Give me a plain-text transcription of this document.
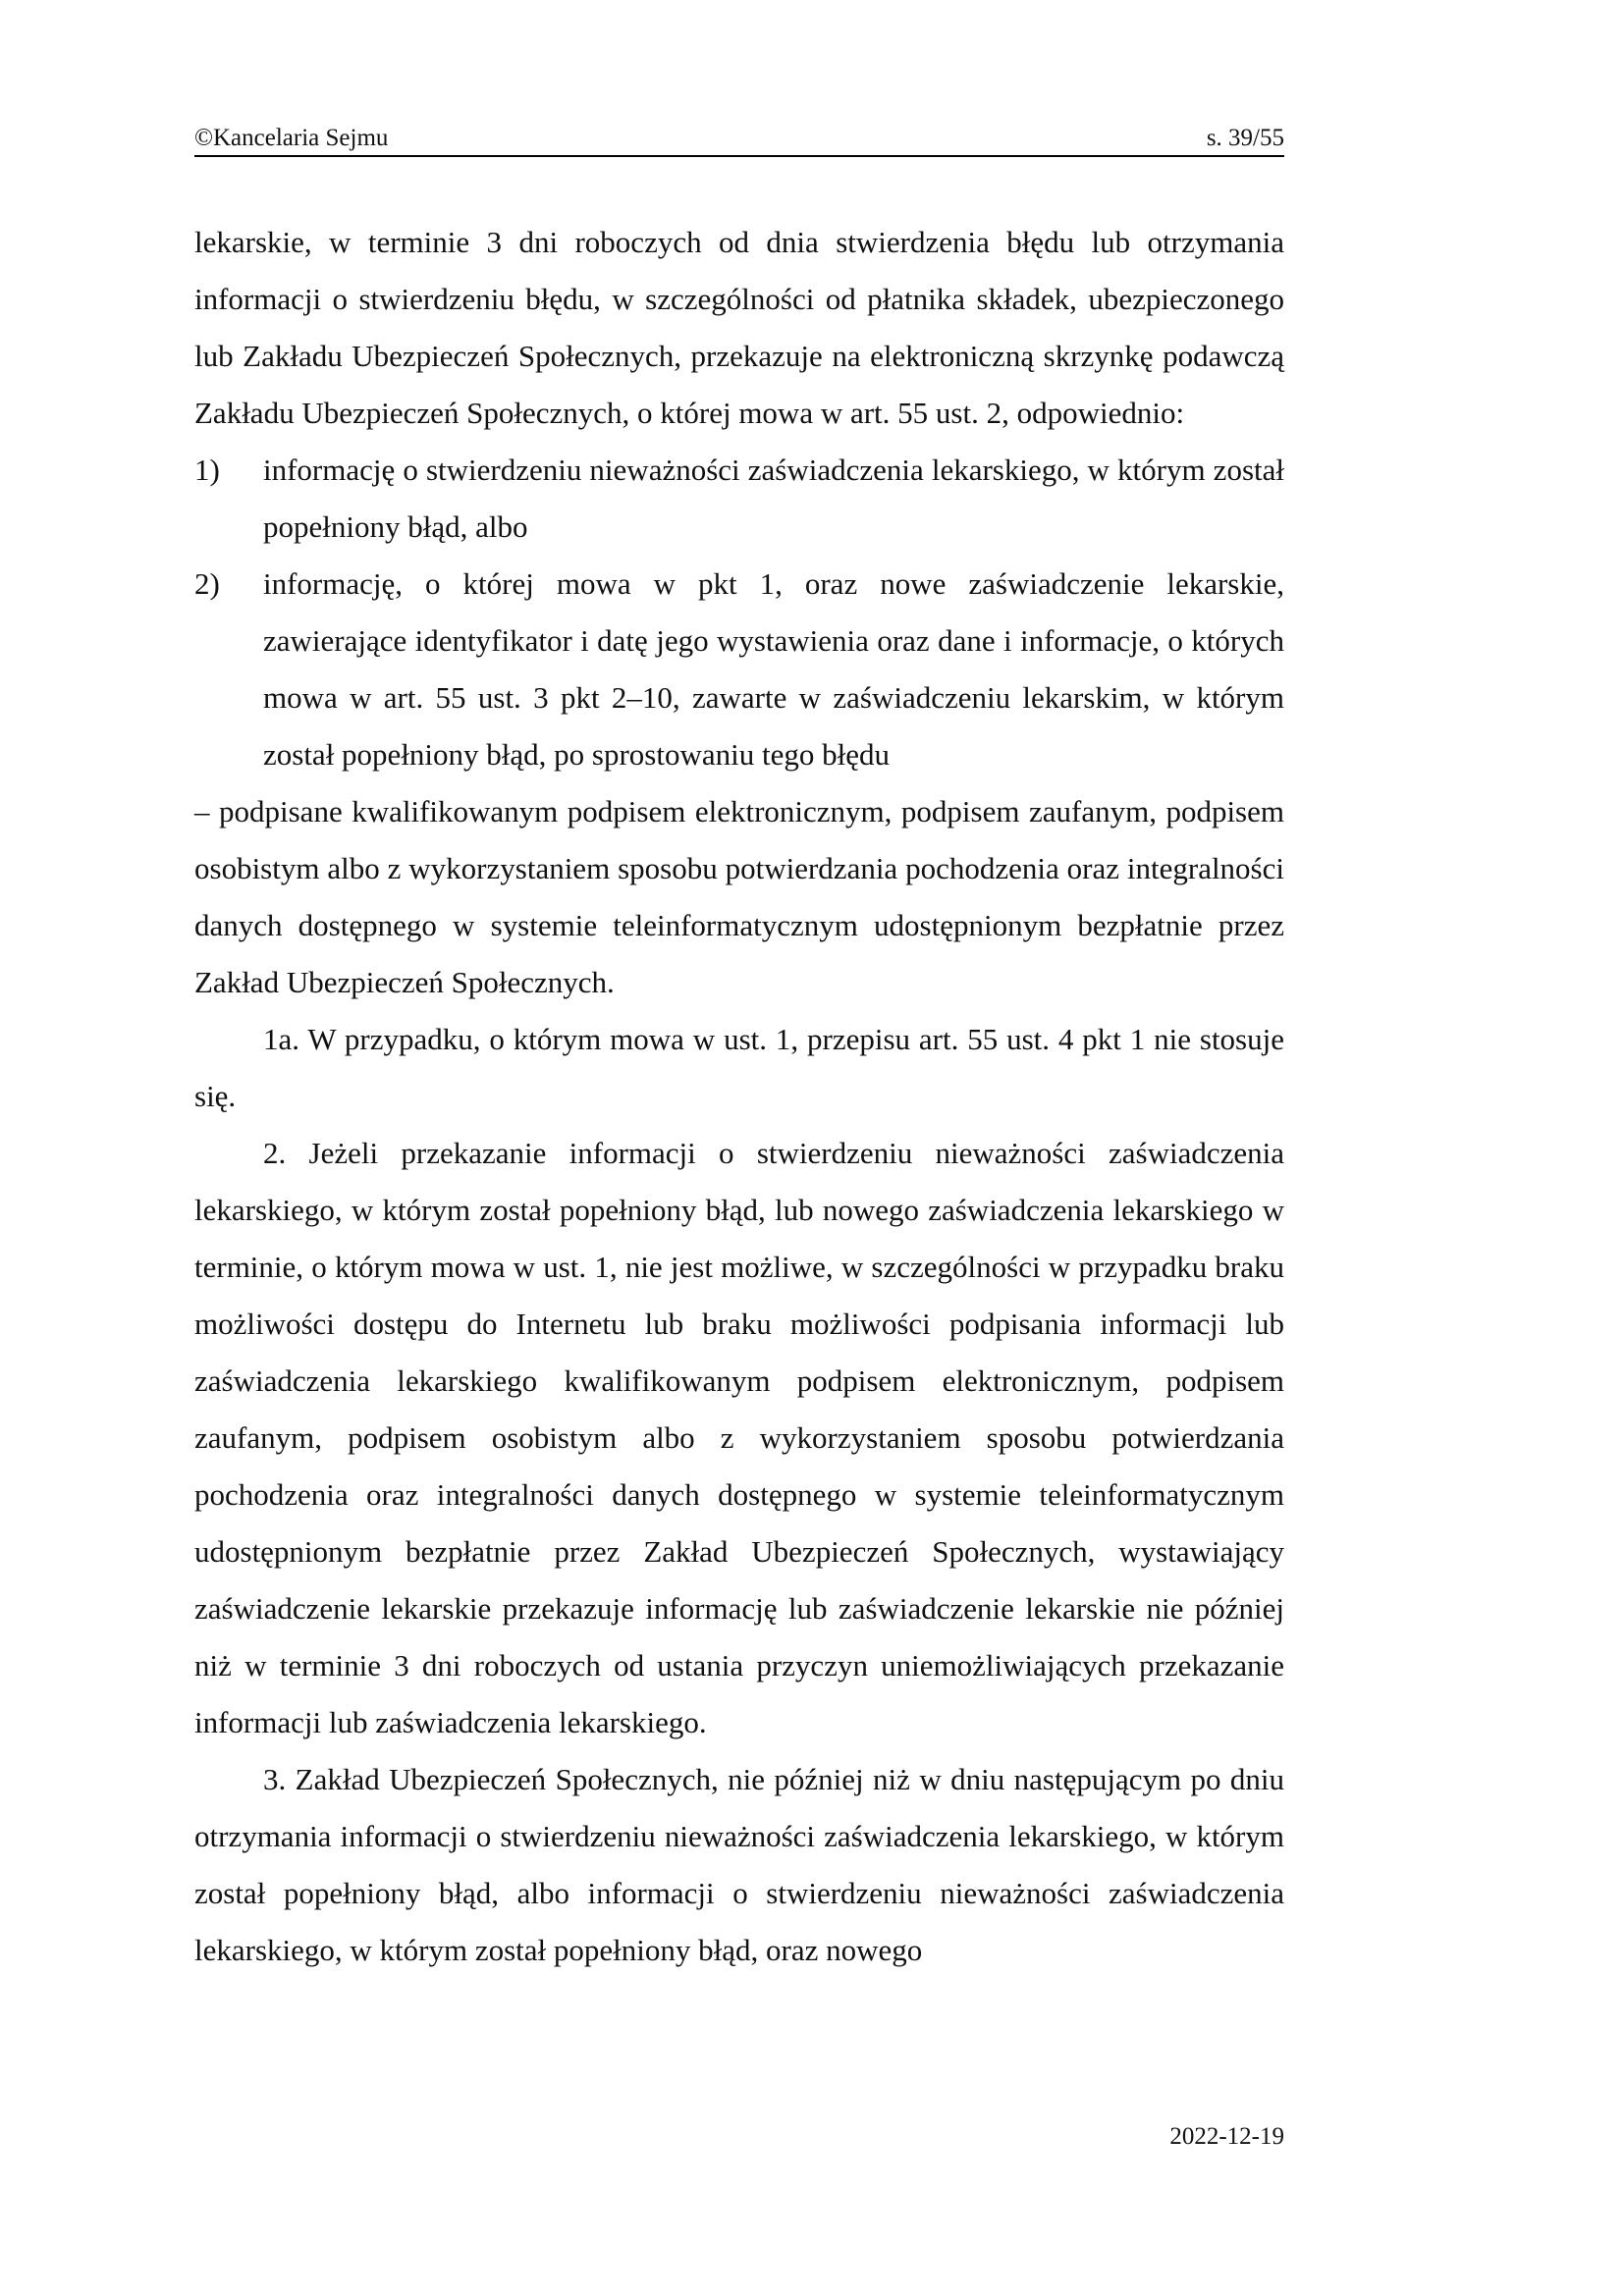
©Kancelaria Sejmu	s. 39/55

lekarskie, w terminie 3 dni roboczych od dnia stwierdzenia błędu lub otrzymania informacji o stwierdzeniu błędu, w szczególności od płatnika składek, ubezpieczonego lub Zakładu Ubezpieczeń Społecznych, przekazuje na elektroniczną skrzynkę podawczą Zakładu Ubezpieczeń Społecznych, o której mowa w art. 55 ust. 2, odpowiednio:

1) informację o stwierdzeniu nieważności zaświadczenia lekarskiego, w którym został popełniony błąd, albo
2) informację, o której mowa w pkt 1, oraz nowe zaświadczenie lekarskie, zawierające identyfikator i datę jego wystawienia oraz dane i informacje, o których mowa w art. 55 ust. 3 pkt 2–10, zawarte w zaświadczeniu lekarskim, w którym został popełniony błąd, po sprostowaniu tego błędu

– podpisane kwalifikowanym podpisem elektronicznym, podpisem zaufanym, podpisem osobistym albo z wykorzystaniem sposobu potwierdzania pochodzenia oraz integralności danych dostępnego w systemie teleinformatycznym udostępnionym bezpłatnie przez Zakład Ubezpieczeń Społecznych.

1a. W przypadku, o którym mowa w ust. 1, przepisu art. 55 ust. 4 pkt 1 nie stosuje się.

2. Jeżeli przekazanie informacji o stwierdzeniu nieważności zaświadczenia lekarskiego, w którym został popełniony błąd, lub nowego zaświadczenia lekarskiego w terminie, o którym mowa w ust. 1, nie jest możliwe, w szczególności w przypadku braku możliwości dostępu do Internetu lub braku możliwości podpisania informacji lub zaświadczenia lekarskiego kwalifikowanym podpisem elektronicznym, podpisem zaufanym, podpisem osobistym albo z wykorzystaniem sposobu potwierdzania pochodzenia oraz integralności danych dostępnego w systemie teleinformatycznym udostępnionym bezpłatnie przez Zakład Ubezpieczeń Społecznych, wystawiający zaświadczenie lekarskie przekazuje informację lub zaświadczenie lekarskie nie później niż w terminie 3 dni roboczych od ustania przyczyn uniemożliwiających przekazanie informacji lub zaświadczenia lekarskiego.

3. Zakład Ubezpieczeń Społecznych, nie później niż w dniu następującym po dniu otrzymania informacji o stwierdzeniu nieważności zaświadczenia lekarskiego, w którym został popełniony błąd, albo informacji o stwierdzeniu nieważności zaświadczenia lekarskiego, w którym został popełniony błąd, oraz nowego

2022-12-19
